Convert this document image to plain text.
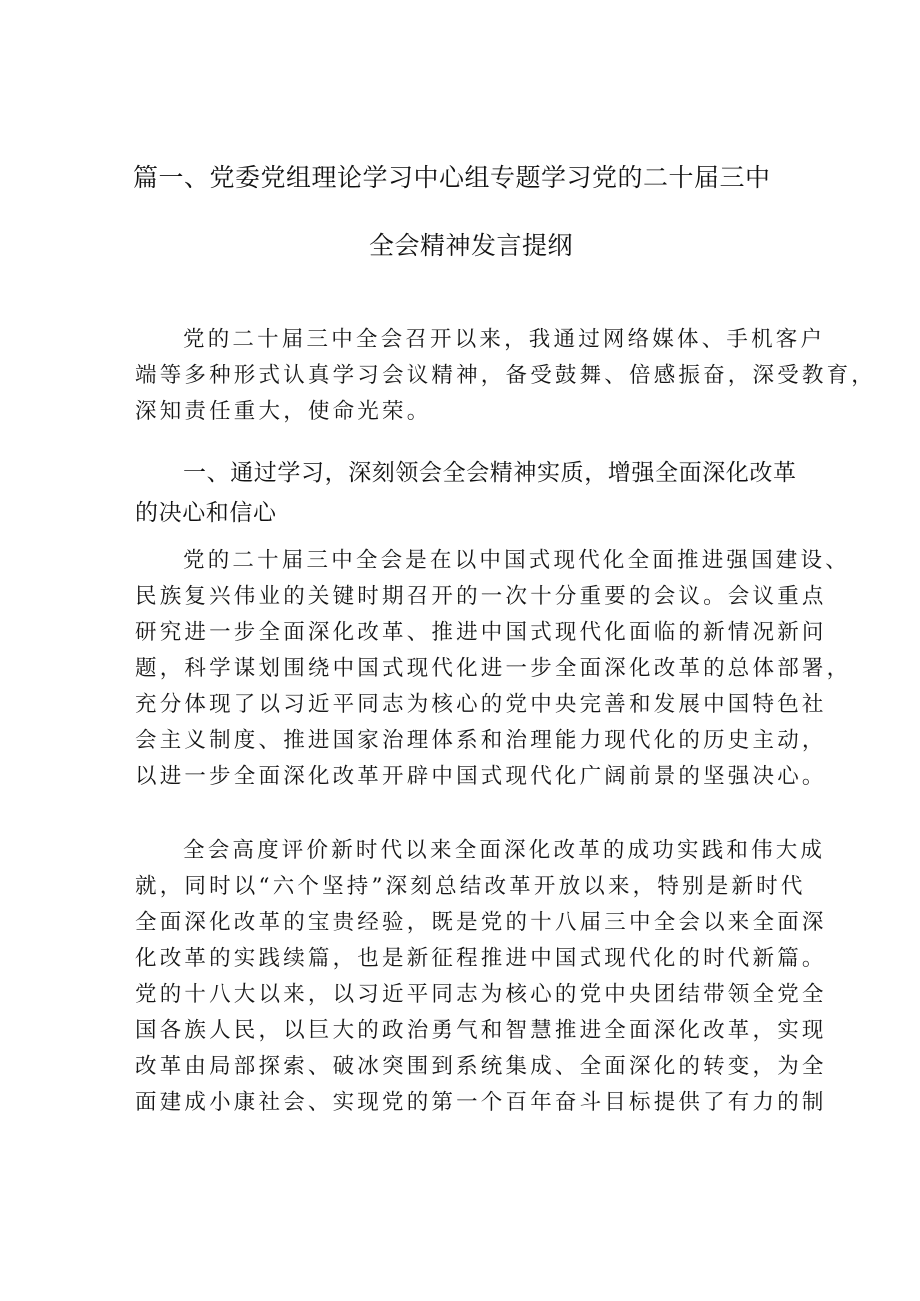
篇一、党委党组理论学习中心组专题学习党的二十届三中
全会精神发言提纲
党的二十届三中全会召开以来，我通过网络媒体、手机客户
端等多种形式认真学习会议精神，备受鼓舞、倍感振奋，深受教育，
深知责任重大，使命光荣。
一、通过学习，深刻领会全会精神实质，增强全面深化改革
的决心和信心
党的二十届三中全会是在以中国式现代化全面推进强国建设、
民族复兴伟业的关键时期召开的一次十分重要的会议。会议重点
研究进一步全面深化改革、推进中国式现代化面临的新情况新问
题，科学谋划围绕中国式现代化进一步全面深化改革的总体部署，
充分体现了以习近平同志为核心的党中央完善和发展中国特色社
会主义制度、推进国家治理体系和治理能力现代化的历史主动，
以进一步全面深化改革开辟中国式现代化广阔前景的坚强决心。
全会高度评价新时代以来全面深化改革的成功实践和伟大成
就，同时以“六个坚持”深刻总结改革开放以来，特别是新时代
全面深化改革的宝贵经验，既是党的十八届三中全会以来全面深
化改革的实践续篇，也是新征程推进中国式现代化的时代新篇。
党的十八大以来，以习近平同志为核心的党中央团结带领全党全
国各族人民，以巨大的政治勇气和智慧推进全面深化改革，实现
改革由局部探索、破冰突围到系统集成、全面深化的转变，为全
面建成小康社会、实现党的第一个百年奋斗目标提供了有力的制
